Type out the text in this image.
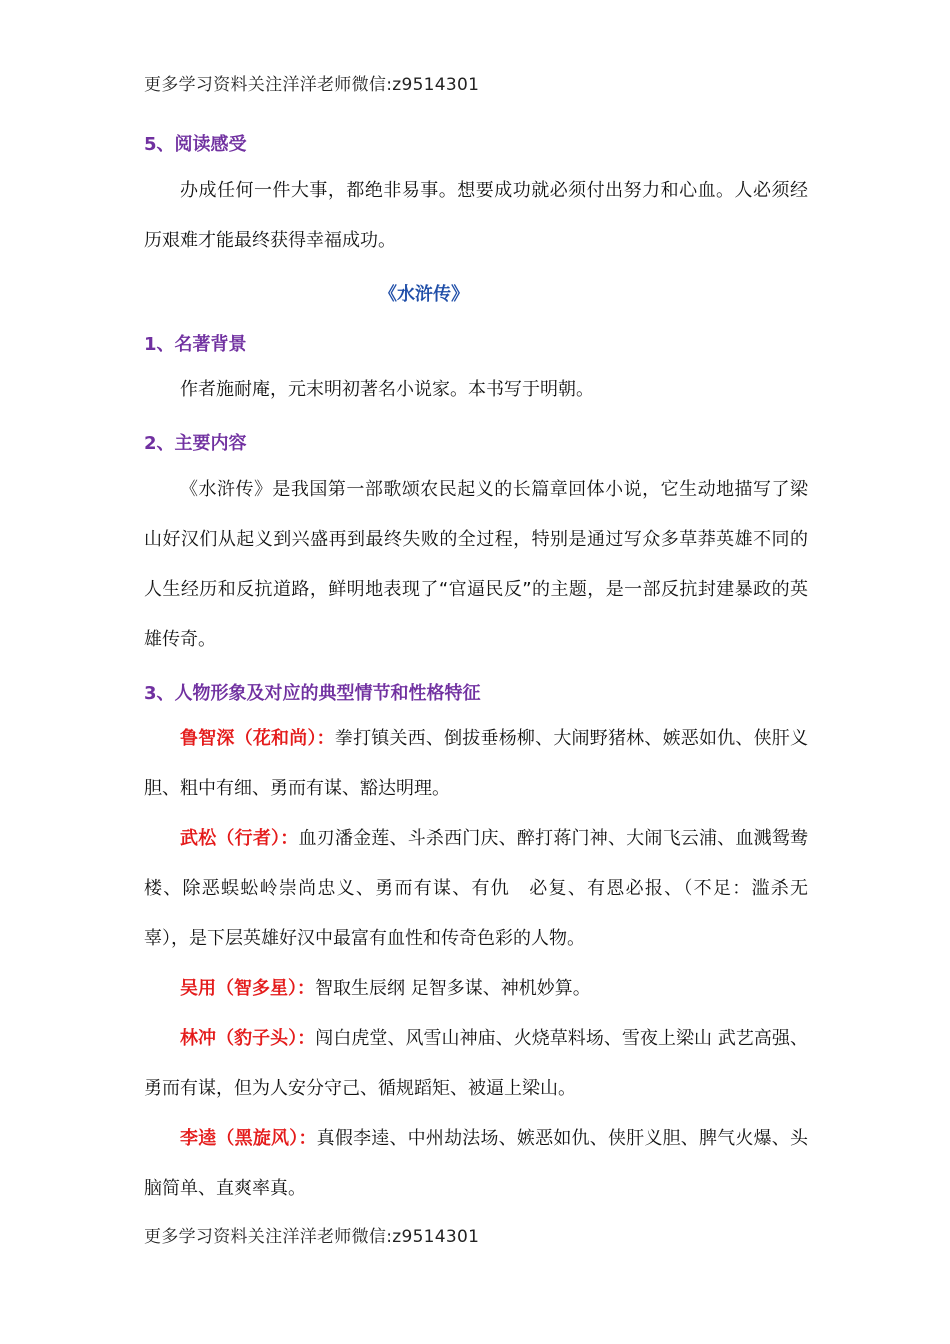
更多学习资料关注洋洋老师微信:z9514301
5、阅读感受
办成任何一件大事，都绝非易事。想要成功就必须付出努力和心血。人必须经历艰难才能最终获得幸福成功。
《水浒传》
1、名著背景
作者施耐庵，元末明初著名小说家。本书写于明朝。
2、主要内容
《水浒传》是我国第一部歌颂农民起义的长篇章回体小说，它生动地描写了梁山好汉们从起义到兴盛再到最终失败的全过程，特别是通过写众多草莽英雄不同的人生经历和反抗道路，鲜明地表现了“官逼民反”的主题，是一部反抗封建暴政的英雄传奇。
3、人物形象及对应的典型情节和性格特征
鲁智深（花和尚）：拳打镇关西、倒拔垂杨柳、大闹野猪林、嫉恶如仇、侠肝义胆、粗中有细、勇而有谋、豁达明理。
武松（行者）：血刃潘金莲、斗杀西门庆、醉打蒋门神、大闹飞云浦、血溅鸳鸯楼、除恶蜈蚣岭崇尚忠义、勇而有谋、有仇　必复、有恩必报、（不足：滥杀无辜），是下层英雄好汉中最富有血性和传奇色彩的人物。
吴用（智多星）：智取生辰纲 足智多谋、神机妙算。
林冲（豹子头）：闯白虎堂、风雪山神庙、火烧草料场、雪夜上梁山 武艺高强、勇而有谋，但为人安分守己、循规蹈矩、被逼上梁山。
李逵（黑旋风）：真假李逵、中州劫法场、嫉恶如仇、侠肝义胆、脾气火爆、头脑简单、直爽率真。
更多学习资料关注洋洋老师微信:z9514301
